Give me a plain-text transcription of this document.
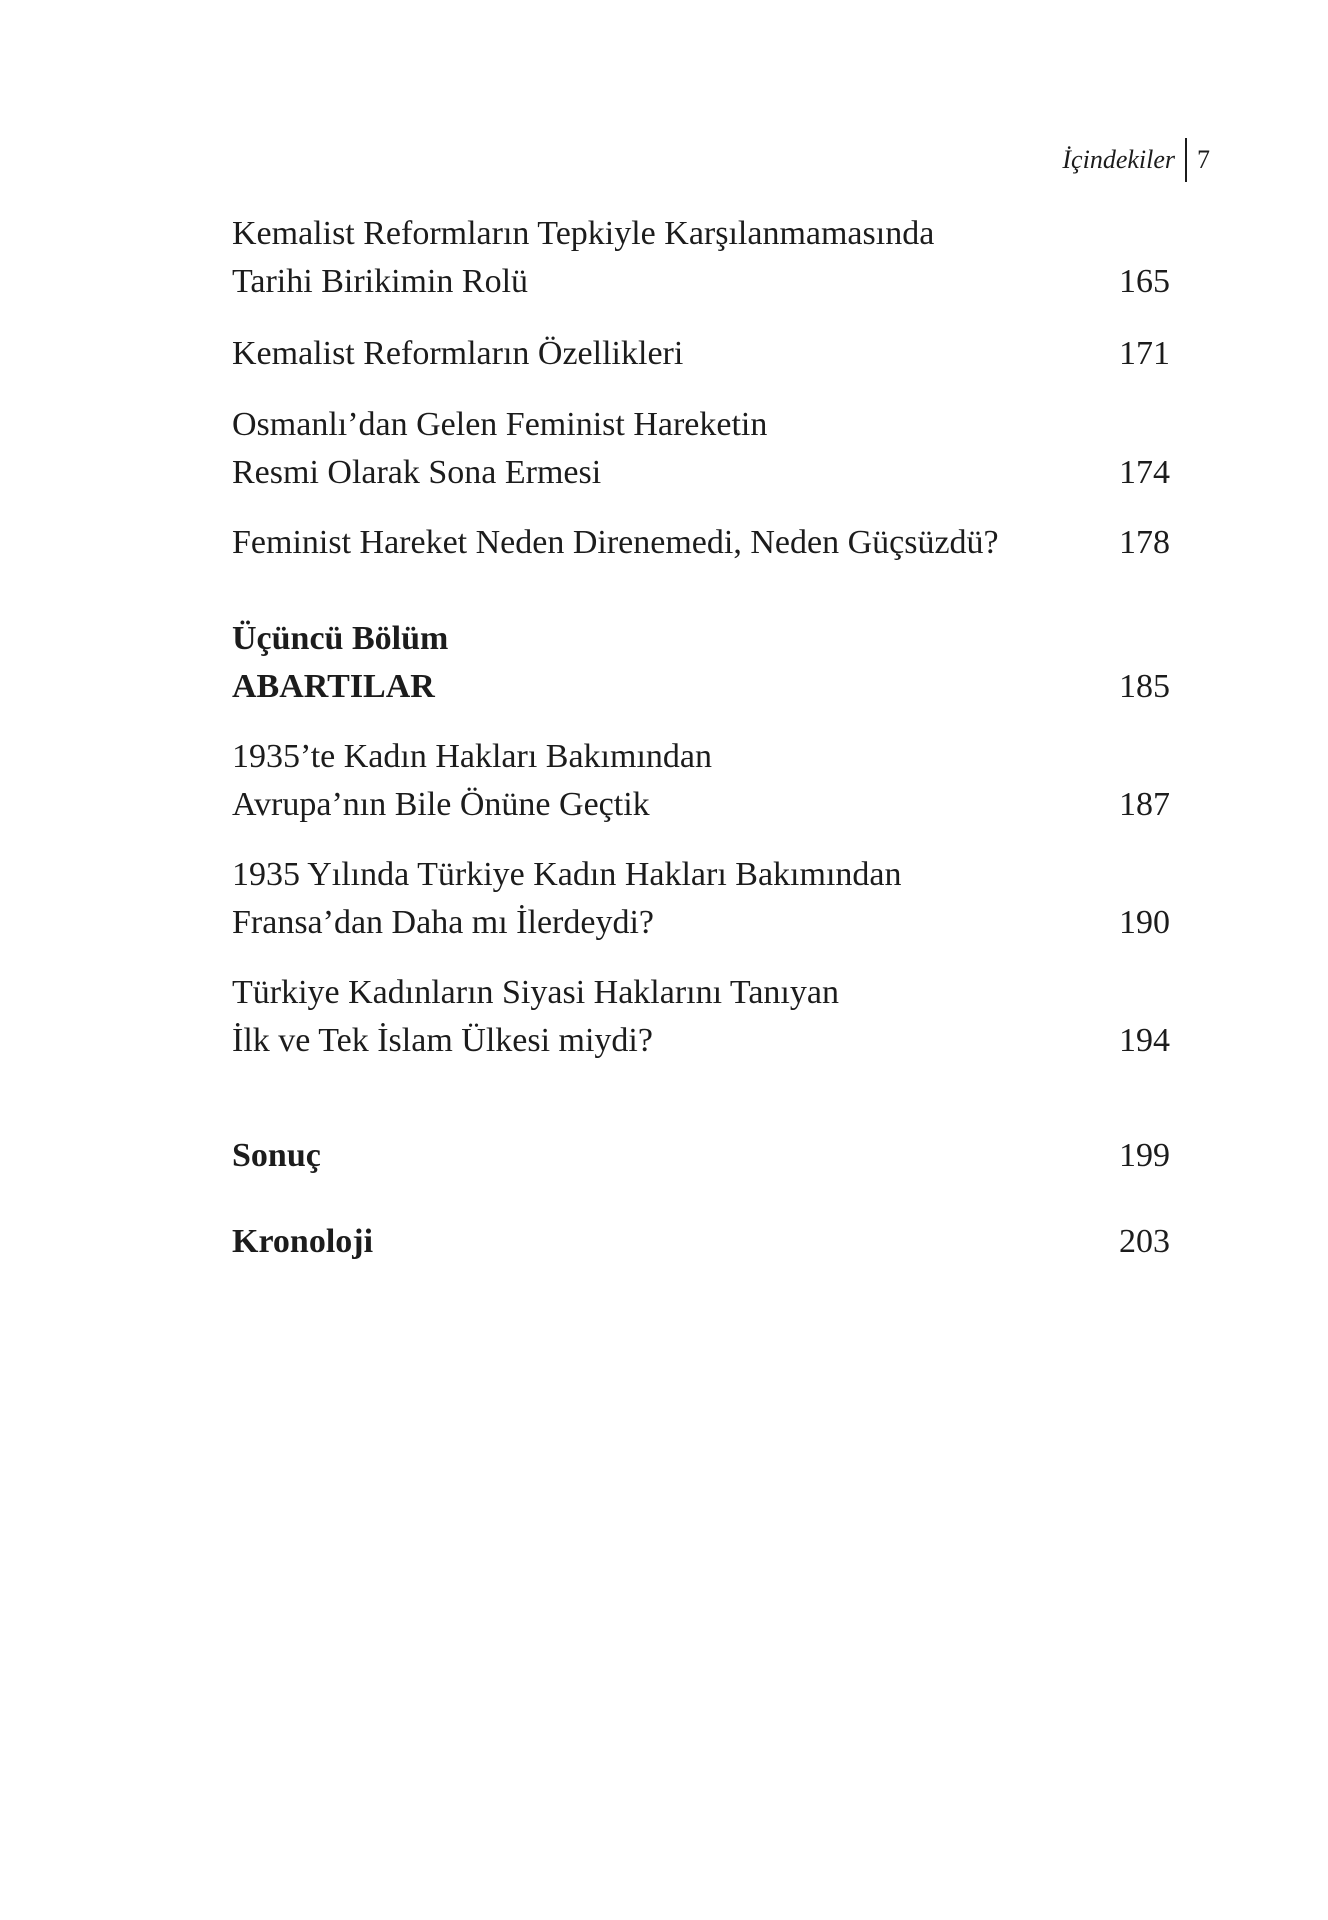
İçindekiler 7
Kemalist Reformların Tepkiyle Karşılanmamasında
Tarihi Birikimin Rolü	165
Kemalist Reformların Özellikleri	171
Osmanlı’dan Gelen Feminist Hareketin
Resmi Olarak Sona Ermesi	174
Feminist Hareket Neden Direnemedi, Neden Güçsüzdü?	178
Üçüncü Bölüm
ABARTILAR	185
1935’te Kadın Hakları Bakımından
Avrupa’nın Bile Önüne Geçtik	187
1935 Yılında Türkiye Kadın Hakları Bakımından
Fransa’dan Daha mı İlerdeydi?	190
Türkiye Kadınların Siyasi Haklarını Tanıyan
İlk ve Tek İslam Ülkesi miydi?	194
Sonuç	199
Kronoloji	203
